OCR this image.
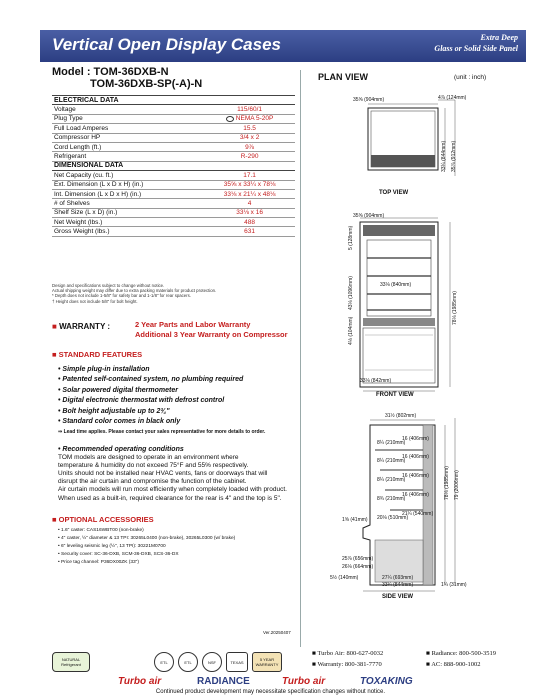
Vertical Open Display Cases	Extra Deep
Glass or Solid Side Panel
Model : TOM-36DXB-N
TOM-36DXB-SP(-A)-N
ELECTRICAL DATA	
Voltage	115/60/1
Plug Type	NEMA 5-20P
Full Load Amperes	15.5
Compressor HP	3/4 x 2
Cord Length (ft.)	9⅞
Refrigerant	R-290
DIMENSIONAL DATA	
Net Capacity (cu. ft.)	17.1
Ext. Dimension (L x D x H) (in.)	35⅝ x 33¼ x 78⅛
Int. Dimension (L x D x H) (in.)	33⅛ x 21¼ x 48⅛
# of Shelves	4
Shelf Size (L x D) (in.)	33⅛ x 16
Net Weight (lbs.)	488
Gross Weight (lbs.)	631
Design and specifications subject to change without notice.
Actual shipping weight may differ due to extra packing materials for product protection.
* Depth does not include 1-5/8" for safety bar and 1-1/8" for rear spacers.
† Height does not include 5/8" for bolt height.
■ WARRANTY :	2 Year Parts and Labor Warranty
Additional 3 Year Warranty on Compressor
■ STANDARD FEATURES
• Simple plug-in installation
• Patented self-contained system, no plumbing required
• Solar powered digital thermometer
• Digital electronic thermostat with defrost control
• Bolt height adjustable up to 2¾"
• Standard color comes in black only
⇒ Lead time applies. Please contact your sales representative for more details to order.
• Recommended operating conditions
TOM models are designed to operate in an environment where
temperature & humidity do not exceed 75°F and 55% respectively.
Units should not be installed near HVAC vents, fans or doorways that will
disrupt the air curtain and compromise the function of the cabinet.
Air curtain models will run most efficiently when completely loaded with product.
When used as a built-in, required clearance for the rear is 4" and the top is 5".
■ OPTIONAL ACCESSORIES
• 1.6" caster: CAS16WBT00 (non-brake)
• 4" caster, ½" diameter & 13 TPI: 30265L0400 (non-brake), 30265L0300 (w/ brake)
• 6" leveling seismic leg (½", 13 TPI): 30221M0700
• Security cover: SC-36-DXB, SCM-36-DXB, SCS-36-DX
• Price tag channel: P36DX00ZK (33")
Ver.20250407
PLAN VIEW	(unit : inch)
35⅝ (904mm)	4⅞ (124mm)
33¼ (844mm) 35⅞ (912mm)
TOP VIEW
35⅝ (904mm)
33⅛ (840mm)
33⅛ (842mm)
5 (128mm)
43⅛ (1096mm)
4⅛ (104mm)
78⅛ (1985mm)
FRONT VIEW
31½ (802mm)
8¼ (210mm)
16 (406mm)
8¼ (210mm)
16 (406mm)
8¼ (210mm)
16 (406mm)
8¾ (210mm)
16 (406mm)
20⅛ (510mm)
21¼ (540mm)
1⅝ (41mm)
25⅞ (656mm)
26⅛ (664mm)
78⅛ (1985mm) 79 (2006mm)
5½ (140mm)	27¼ (693mm)
33¼ (844mm)	1¼ (31mm)
SIDE VIEW
NATURAL Refrigerant	ETL	ETL	NSF	TEXAS
5 YEAR WARRANTY
■ Turbo Air: 800-627-0032	■ Radiance: 800-500-3519
■ Warranty: 800-381-7770	■ AC: 888-900-1002
Turbo air	RADIANCE	Turbo air	TOXAKING
Continued product development may necessitate specification changes without notice.
